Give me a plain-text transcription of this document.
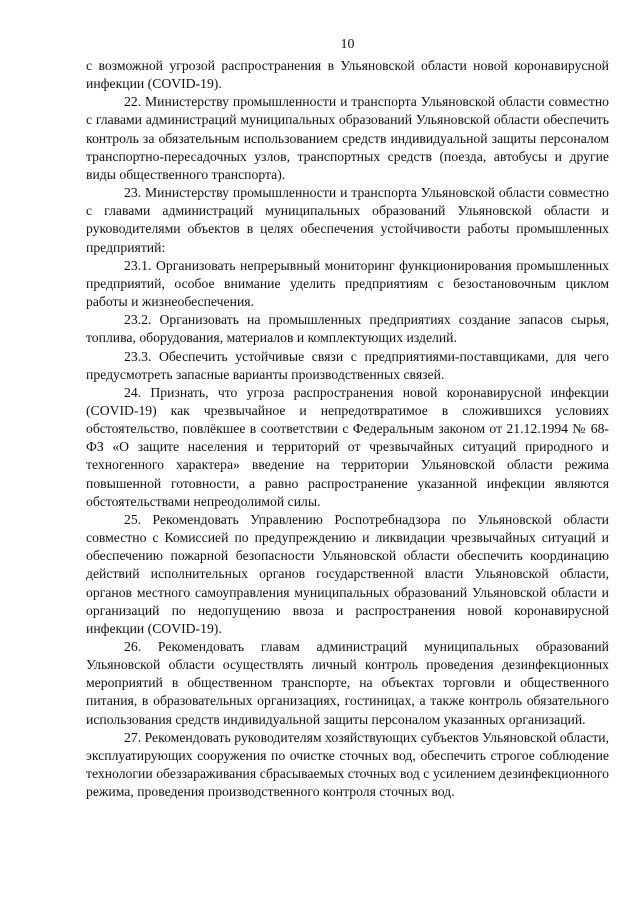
10

с возможной угрозой распространения в Ульяновской области новой коронавирусной инфекции (COVID-19).

22. Министерству промышленности и транспорта Ульяновской области совместно с главами администраций муниципальных образований Ульяновской области обеспечить контроль за обязательным использованием средств индивидуальной защиты персоналом транспортно-пересадочных узлов, транспортных средств (поезда, автобусы и другие виды общественного транспорта).

23. Министерству промышленности и транспорта Ульяновской области совместно с главами администраций муниципальных образований Ульяновской области и руководителями объектов в целях обеспечения устойчивости работы промышленных предприятий:

23.1. Организовать непрерывный мониторинг функционирования промышленных предприятий, особое внимание уделить предприятиям с безостановочным циклом работы и жизнеобеспечения.

23.2. Организовать на промышленных предприятиях создание запасов сырья, топлива, оборудования, материалов и комплектующих изделий.

23.3. Обеспечить устойчивые связи с предприятиями-поставщиками, для чего предусмотреть запасные варианты производственных связей.

24. Признать, что угроза распространения новой коронавирусной инфекции (COVID-19) как чрезвычайное и непредотвратимое в сложившихся условиях обстоятельство, повлёкшее в соответствии с Федеральным законом от 21.12.1994 № 68-ФЗ «О защите населения и территорий от чрезвычайных ситуаций природного и техногенного характера» введение на территории Ульяновской области режима повышенной готовности, а равно распространение указанной инфекции являются обстоятельствами непреодолимой силы.

25. Рекомендовать Управлению Роспотребнадзора по Ульяновской области совместно с Комиссией по предупреждению и ликвидации чрезвычайных ситуаций и обеспечению пожарной безопасности Ульяновской области обеспечить координацию действий исполнительных органов государственной власти Ульяновской области, органов местного самоуправления муниципальных образований Ульяновской области и организаций по недопущению ввоза и распространения новой коронавирусной инфекции (COVID-19).

26. Рекомендовать главам администраций муниципальных образований Ульяновской области осуществлять личный контроль проведения дезинфекционных мероприятий в общественном транспорте, на объектах торговли и общественного питания, в образовательных организациях, гостиницах, а также контроль обязательного использования средств индивидуальной защиты персоналом указанных организаций.

27. Рекомендовать руководителям хозяйствующих субъектов Ульяновской области, эксплуатирующих сооружения по очистке сточных вод, обеспечить строгое соблюдение технологии обеззараживания сбрасываемых сточных вод с усилением дезинфекционного режима, проведения производственного контроля сточных вод.
